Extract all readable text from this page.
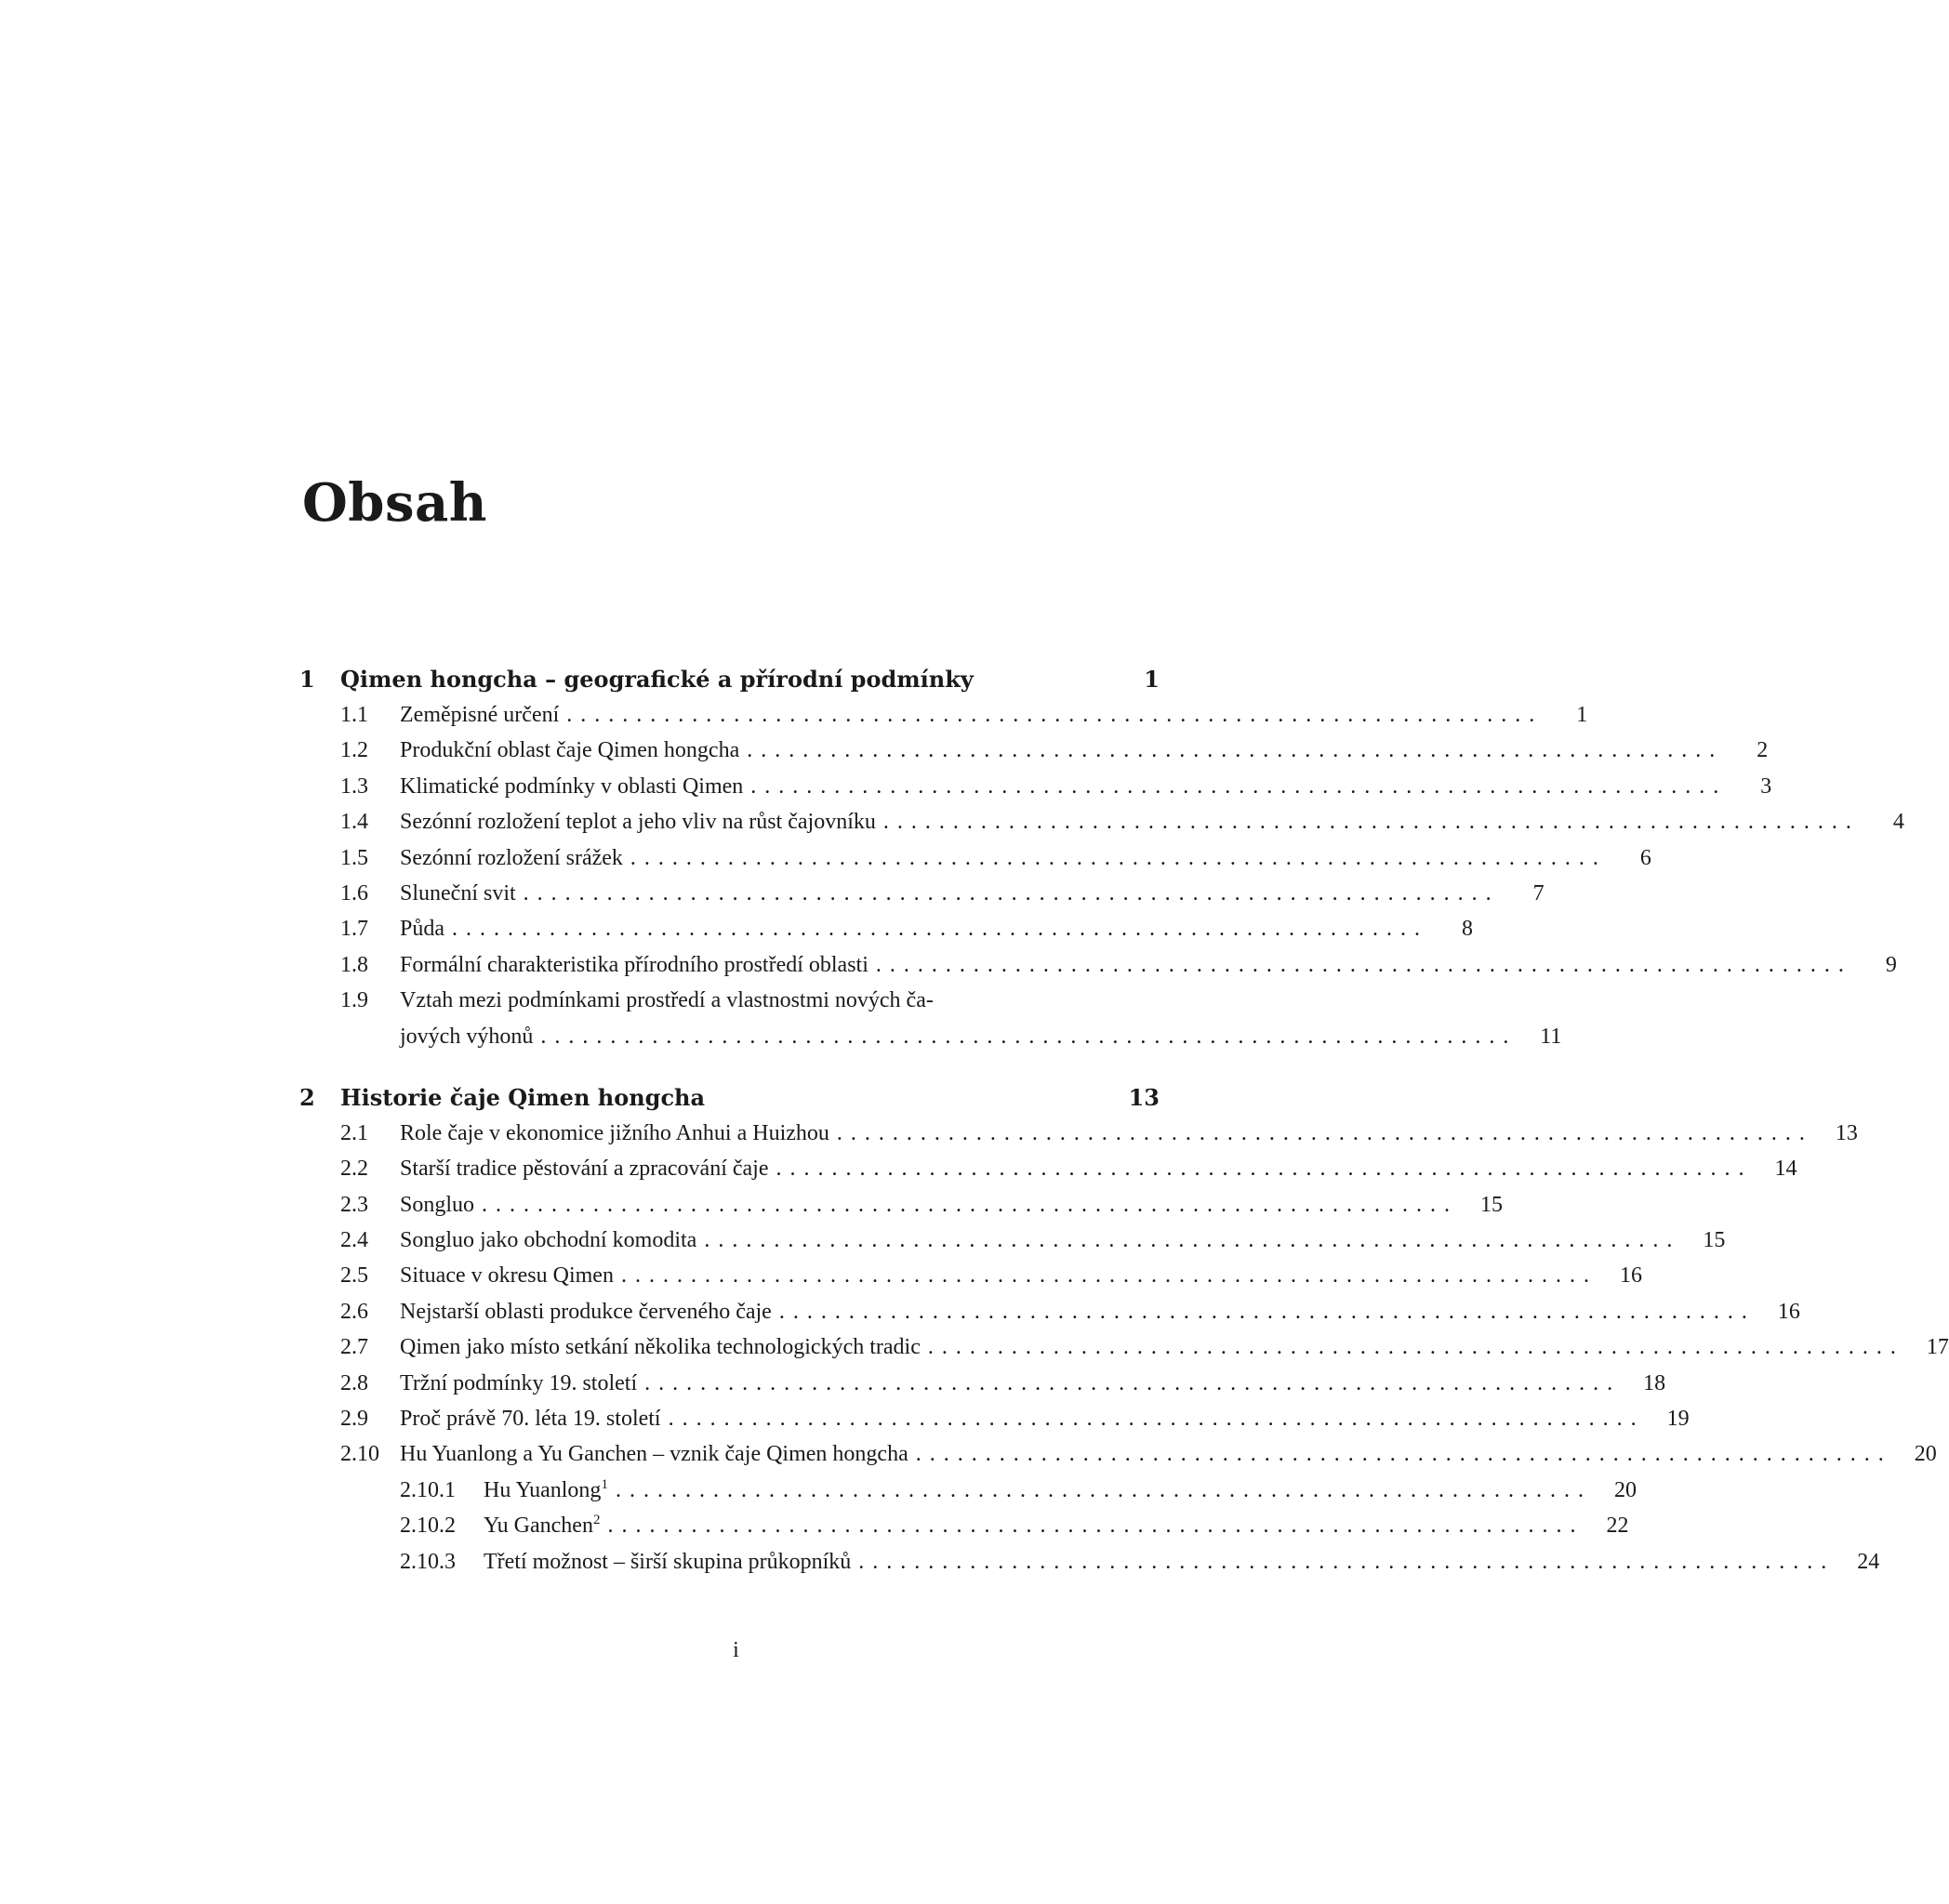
Obsah
1	Qimen hongcha – geografické a přírodní podmínky	1
1.1	Zeměpisné určení ......................................................................	1
1.2	Produkční oblast čaje Qimen hongcha ......................................................................	2
1.3	Klimatické podmínky v oblasti Qimen ......................................................................	3
1.4	Sezónní rozložení teplot a jeho vliv na růst čajovníku ......................................................................	4
1.5	Sezónní rozložení srážek ......................................................................	6
1.6	Sluneční svit ......................................................................	7
1.7	Půda ......................................................................	8
1.8	Formální charakteristika přírodního prostředí oblasti ......................................................................	9
1.9	Vztah mezi podmínkami prostředí a vlastnostmi nových ča-
jových výhonů ......................................................................	11
2	Historie čaje Qimen hongcha	13
2.1	Role čaje v ekonomice jižního Anhui a Huizhou ......................................................................	13
2.2	Starší tradice pěstování a zpracování čaje ......................................................................	14
2.3	Songluo ......................................................................	15
2.4	Songluo jako obchodní komodita ......................................................................	15
2.5	Situace v okresu Qimen ......................................................................	16
2.6	Nejstarší oblasti produkce červeného čaje ......................................................................	16
2.7	Qimen jako místo setkání několika technologických tradic ......................................................................	17
2.8	Tržní podmínky 19. století ......................................................................	18
2.9	Proč právě 70. léta 19. století ......................................................................	19
2.10 Hu Yuanlong a Yu Ganchen – vznik čaje Qimen hongcha ......................................................................	20
2.10.1	Hu Yuanlong$^1$ ......................................................................	20
2.10.2	Yu Ganchen$^2$ ......................................................................	22
2.10.3	Třetí možnost – širší skupina průkopníků ......................................................................	24
i
